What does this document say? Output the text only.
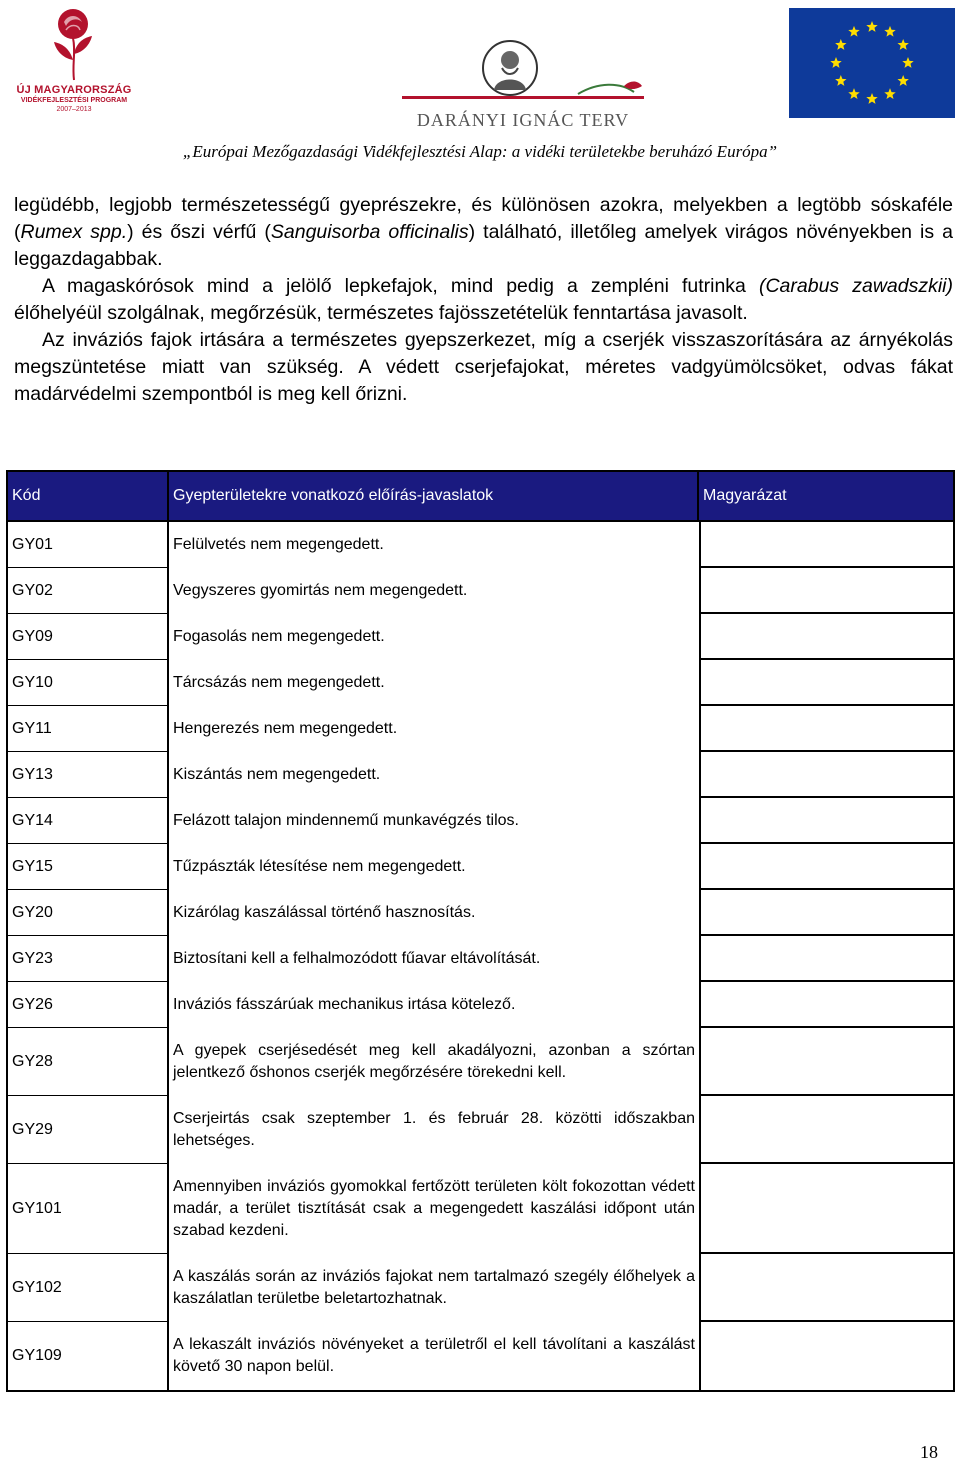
ÚJ MAGYARORSZÁG
VIDÉKFEJLESZTÉSI PROGRAM
2007–2013
DARÁNYI IGNÁC TERV
„Európai Mezőgazdasági Vidékfejlesztési Alap: a vidéki területekbe beruházó Európa”

legüdébb, legjobb természetességű gyeprészekre, és különösen azokra, melyekben a legtöbb sóskaféle (Rumex spp.) és őszi vérfű (Sanguisorba officinalis) található, illetőleg amelyek virágos növényekben is a leggazdagabbak.

A magaskórósok mind a jelölő lepkefajok, mind pedig a zempléni futrinka (Carabus zawadszkii) élőhelyéül szolgálnak, megőrzésük, természetes fajösszetételük fenntartása javasolt.

Az inváziós fajok irtására a természetes gyepszerkezet, míg a cserjék visszaszorítására az árnyékolás megszüntetése miatt van szükség. A védett cserjefajokat, méretes vadgyümölcsöket, odvas fákat madárvédelmi szempontból is meg kell őrizni.

Kód	Gyepterületekre vonatkozó előírás-javaslatok	Magyarázat
GY01	Felülvetés nem megengedett.	
GY02	Vegyszeres gyomirtás nem megengedett.	
GY09	Fogasolás nem megengedett.	
GY10	Tárcsázás nem megengedett.	
GY11	Hengerezés nem megengedett.	
GY13	Kiszántás nem megengedett.	
GY14	Felázott talajon mindennemű munkavégzés tilos.	
GY15	Tűzpászták létesítése nem megengedett.	
GY20	Kizárólag kaszálással történő hasznosítás.	
GY23	Biztosítani kell a felhalmozódott fűavar eltávolítását.	
GY26	Inváziós fásszárúak mechanikus irtása kötelező.	
GY28	A gyepek cserjésedését meg kell akadályozni, azonban a szórtan jelentkező őshonos cserjék megőrzésére törekedni kell.	
GY29	Cserjeirtás csak szeptember 1. és február 28. közötti időszakban lehetséges.	
GY101	Amennyiben inváziós gyomokkal fertőzött területen költ fokozottan védett madár, a terület tisztítását csak a megengedett kaszálási időpont után szabad kezdeni.	
GY102	A kaszálás során az inváziós fajokat nem tartalmazó szegély élőhelyek a kaszálatlan területbe beletartozhatnak.	
GY109	A lekaszált inváziós növényeket a területről el kell távolítani a kaszálást követő 30 napon belül.	
18
